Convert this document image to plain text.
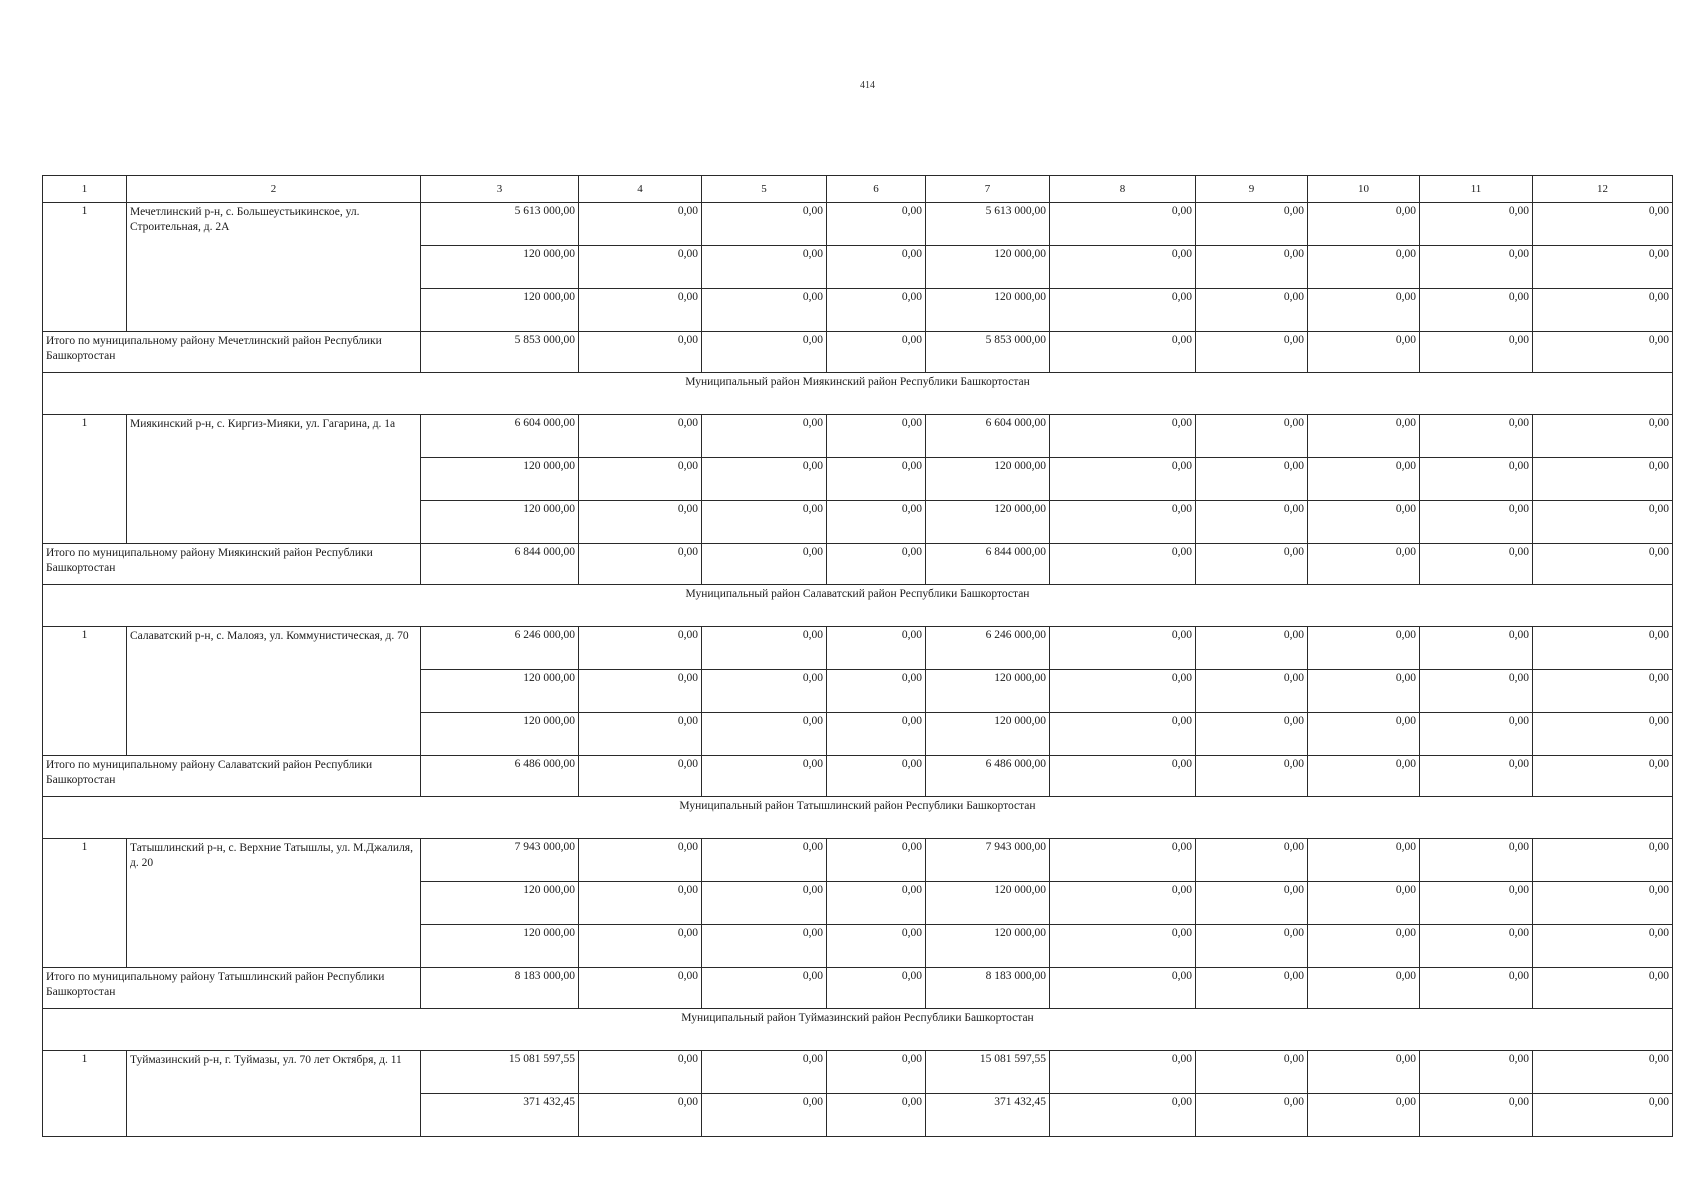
414
1	2	3	4	5	6	7	8	9	10	11	12
1	Мечетлинский р-н, с. Большеустьикинское, ул. Строительная, д. 2А	5 613 000,00	0,00	0,00	0,00	5 613 000,00	0,00	0,00	0,00	0,00	0,00
		120 000,00	0,00	0,00	0,00	120 000,00	0,00	0,00	0,00	0,00	0,00
		120 000,00	0,00	0,00	0,00	120 000,00	0,00	0,00	0,00	0,00	0,00
Итого по муниципальному району Мечетлинский район Республики Башкортостан		5 853 000,00	0,00	0,00	0,00	5 853 000,00	0,00	0,00	0,00	0,00	0,00
Муниципальный район Миякинский район Республики Башкортостан											
1	Миякинский р-н, с. Киргиз-Мияки, ул. Гагарина, д. 1а	6 604 000,00	0,00	0,00	0,00	6 604 000,00	0,00	0,00	0,00	0,00	0,00
		120 000,00	0,00	0,00	0,00	120 000,00	0,00	0,00	0,00	0,00	0,00
		120 000,00	0,00	0,00	0,00	120 000,00	0,00	0,00	0,00	0,00	0,00
Итого по муниципальному району Миякинский район Республики Башкортостан		6 844 000,00	0,00	0,00	0,00	6 844 000,00	0,00	0,00	0,00	0,00	0,00
Муниципальный район Салаватский район Республики Башкортостан											
1	Салаватский р-н, с. Малояз, ул. Коммунистическая, д. 70	6 246 000,00	0,00	0,00	0,00	6 246 000,00	0,00	0,00	0,00	0,00	0,00
		120 000,00	0,00	0,00	0,00	120 000,00	0,00	0,00	0,00	0,00	0,00
		120 000,00	0,00	0,00	0,00	120 000,00	0,00	0,00	0,00	0,00	0,00
Итого по муниципальному району Салаватский район Республики Башкортостан		6 486 000,00	0,00	0,00	0,00	6 486 000,00	0,00	0,00	0,00	0,00	0,00
Муниципальный район Татышлинский район Республики Башкортостан											
1	Татышлинский р-н, с. Верхние Татышлы, ул. М.Джалиля, д. 20	7 943 000,00	0,00	0,00	0,00	7 943 000,00	0,00	0,00	0,00	0,00	0,00
		120 000,00	0,00	0,00	0,00	120 000,00	0,00	0,00	0,00	0,00	0,00
		120 000,00	0,00	0,00	0,00	120 000,00	0,00	0,00	0,00	0,00	0,00
Итого по муниципальному району Татышлинский район Республики Башкортостан		8 183 000,00	0,00	0,00	0,00	8 183 000,00	0,00	0,00	0,00	0,00	0,00
Муниципальный район Туймазинский район Республики Башкортостан											
1	Туймазинский р-н, г. Туймазы, ул. 70 лет Октября, д. 11	15 081 597,55	0,00	0,00	0,00	15 081 597,55	0,00	0,00	0,00	0,00	0,00
		371 432,45	0,00	0,00	0,00	371 432,45	0,00	0,00	0,00	0,00	0,00
